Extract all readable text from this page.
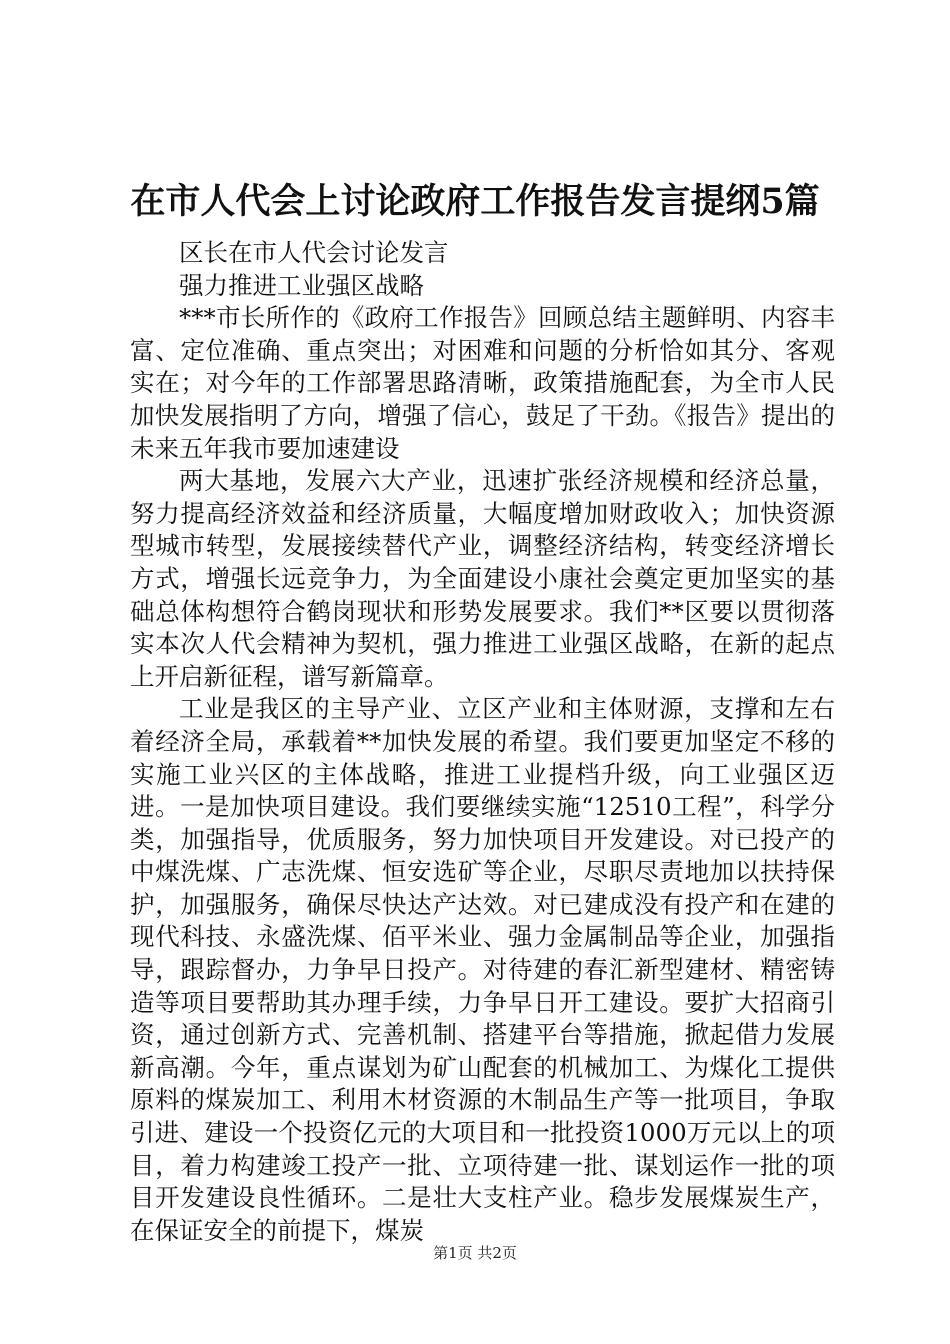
在市人代会上讨论政府工作报告发言提纲5篇

区长在市人代会讨论发言

强力推进工业强区战略

***市长所作的《政府工作报告》回顾总结主题鲜明、内容丰富、定位准确、重点突出；对困难和问题的分析恰如其分、客观实在；对今年的工作部署思路清晰，政策措施配套，为全市人民加快发展指明了方向，增强了信心，鼓足了干劲。《报告》提出的未来五年我市要加速建设

两大基地，发展六大产业，迅速扩张经济规模和经济总量，努力提高经济效益和经济质量，大幅度增加财政收入；加快资源型城市转型，发展接续替代产业，调整经济结构，转变经济增长方式，增强长远竞争力，为全面建设小康社会奠定更加坚实的基础总体构想符合鹤岗现状和形势发展要求。我们**区要以贯彻落实本次人代会精神为契机，强力推进工业强区战略，在新的起点上开启新征程，谱写新篇章。

工业是我区的主导产业、立区产业和主体财源，支撑和左右着经济全局，承载着**加快发展的希望。我们要更加坚定不移的实施工业兴区的主体战略，推进工业提档升级，向工业强区迈进。一是加快项目建设。我们要继续实施“12510工程”，科学分类，加强指导，优质服务，努力加快项目开发建设。对已投产的中煤洗煤、广志洗煤、恒安选矿等企业，尽职尽责地加以扶持保护，加强服务，确保尽快达产达效。对已建成没有投产和在建的现代科技、永盛洗煤、佰平米业、强力金属制品等企业，加强指导，跟踪督办，力争早日投产。对待建的春汇新型建材、精密铸造等项目要帮助其办理手续，力争早日开工建设。要扩大招商引资，通过创新方式、完善机制、搭建平台等措施，掀起借力发展新高潮。今年，重点谋划为矿山配套的机械加工、为煤化工提供原料的煤炭加工、利用木材资源的木制品生产等一批项目，争取引进、建设一个投资亿元的大项目和一批投资1000万元以上的项目，着力构建竣工投产一批、立项待建一批、谋划运作一批的项目开发建设良性循环。二是壮大支柱产业。稳步发展煤炭生产，在保证安全的前提下，煤炭

第1页 共2页
